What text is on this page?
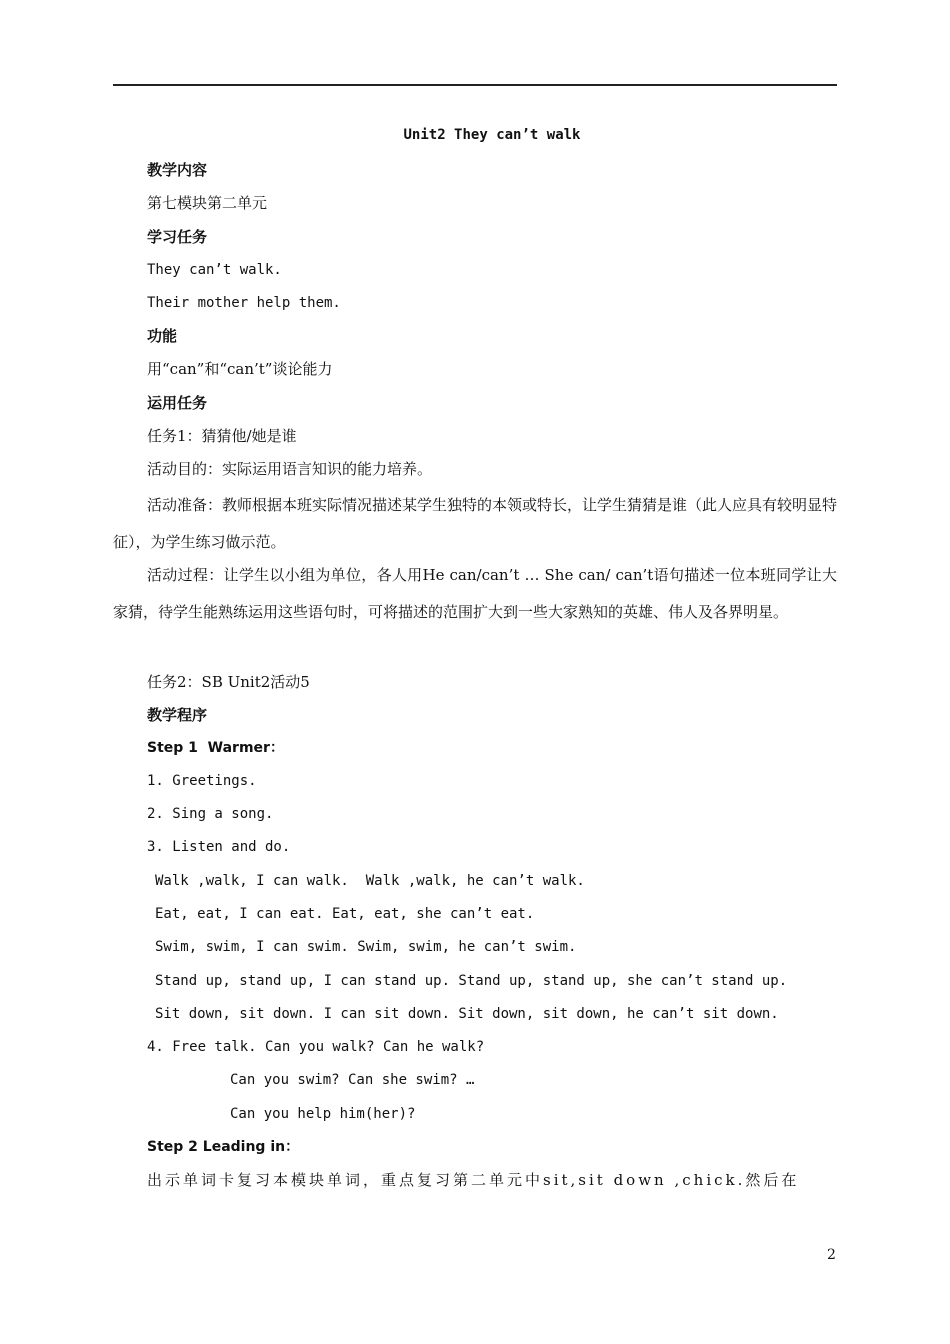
Unit2 They can’t walk
教学内容
第七模块第二单元
学习任务
They can’t walk.
Their mother help them.
功能
用“can”和“can’t”谈论能力
运用任务
任务1：猜猜他/她是谁
活动目的：实际运用语言知识的能力培养。
活动准备：教师根据本班实际情况描述某学生独特的本领或特长，让学生猜猜是谁（此人应具有较明显特征），为学生练习做示范。
活动过程：让学生以小组为单位，各人用He can/can’t … She can/ can’t语句描述一位本班同学让大家猜，待学生能熟练运用这些语句时，可将描述的范围扩大到一些大家熟知的英雄、伟人及各界明星。
任务2：SB Unit2活动5
教学程序
Step 1  Warmer：
1. Greetings.
2. Sing a song.
3. Listen and do.
Walk ,walk, I can walk.  Walk ,walk, he can’t walk.
Eat, eat, I can eat. Eat, eat, she can’t eat.
Swim, swim, I can swim. Swim, swim, he can’t swim.
Stand up, stand up, I can stand up. Stand up, stand up, she can’t stand up.
Sit down, sit down. I can sit down. Sit down, sit down, he can’t sit down.
4. Free talk. Can you walk? Can he walk?
Can you swim? Can she swim? …
Can you help him(her)?
Step 2 Leading in：
出示单词卡复习本模块单词，重点复习第二单元中sit,sit down ,chick.然后在
2
